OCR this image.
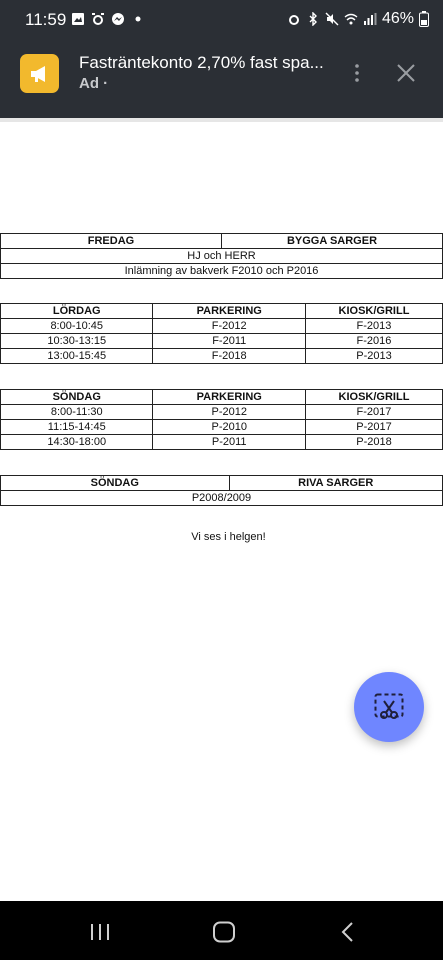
11:59	46%
Fasträntekonto 2,70% fast spa...
Ad ·
FREDAG	BYGGA SARGER
HJ och HERR
Inlämning av bakverk F2010 och P2016
LÖRDAG	PARKERING	KIOSK/GRILL
8:00-10:45	F-2012	F-2013
10:30-13:15	F-2011	F-2016
13:00-15:45	F-2018	P-2013
SÖNDAG	PARKERING	KIOSK/GRILL
8:00-11:30	P-2012	F-2017
11:15-14:45	P-2010	P-2017
14:30-18:00	P-2011	P-2018
SÖNDAG	RIVA SARGER
P2008/2009
Vi ses i helgen!
